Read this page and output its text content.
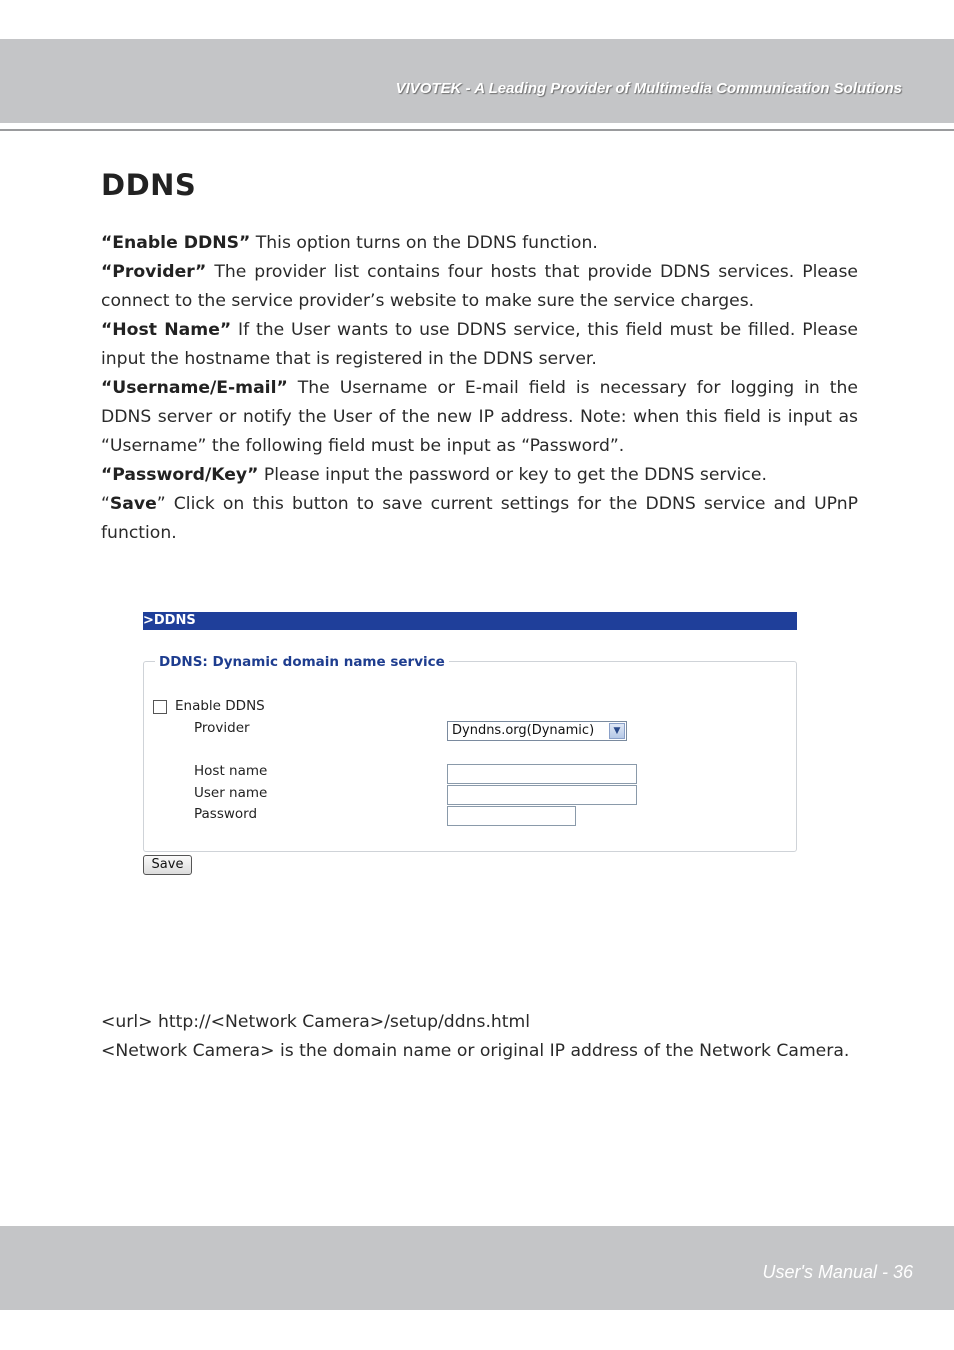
VIVOTEK - A Leading Provider of Multimedia Communication Solutions
DDNS

“Enable DDNS” This option turns on the DDNS function.

“Provider” The provider list contains four hosts that provide DDNS services. Please connect to the service provider’s website to make sure the service charges.

“Host Name” If the User wants to use DDNS service, this field must be filled. Please input the hostname that is registered in the DDNS server.

“Username/E-mail” The Username or E-mail field is necessary for logging in the DDNS server or notify the User of the new IP address. Note: when this field is input as “Username” the following field must be input as “Password”.

“Password/Key” Please input the password or key to get the DDNS service.

“Save” Click on this button to save current settings for the DDNS service and UPnP function.

>DDNS
DDNS: Dynamic domain name service
Enable DDNS
Provider	Dyndns.org(Dynamic)	▼
Host name
User name
Password
Save

<url> http://<Network Camera>/setup/ddns.html

<Network Camera> is the domain name or original IP address of the Network Camera.

User's Manual - 36
